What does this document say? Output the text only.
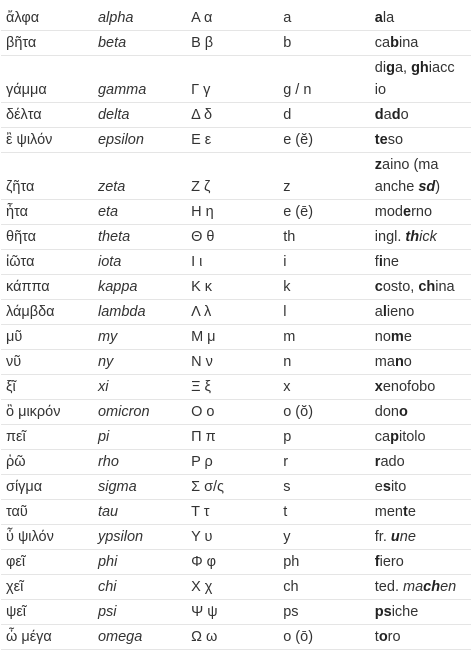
ἄλφα	alpha	Α α	a	ala
βῆτα	beta	Β β	b	cabina
γάμμα	gamma	Γ γ	g / n	diga, ghiacc
io
δέλτα	delta	Δ δ	d	dado
ἒ ψιλόν	epsilon	Ε ε	e (ĕ)	teso
ζῆτα	zeta	Ζ ζ	z	zaino (ma
anche sd)
ἦτα	eta	Η η	e (ē)	moderno
θῆτα	theta	Θ θ	th	ingl. thick
ἰῶτα	iota	Ι ι	i	fine
κάππα	kappa	Κ κ	k	costo, china
λάμβδα	lambda	Λ λ	l	alieno
μῦ	my	Μ μ	m	nome
νῦ	ny	Ν ν	n	mano
ξῖ	xi	Ξ ξ	x	xenofobo
ὂ μικρόν	omicron	Ο ο	o (ŏ)	dono
πεῖ	pi	Π π	p	capitolo
ῥῶ	rho	Ρ ρ	r	rado
σίγμα	sigma	Σ σ/ς	s	esito
ταῦ	tau	Τ τ	t	mente
ὖ ψιλόν	ypsilon	Υ υ	y	fr. une
φεῖ	phi	Φ φ	ph	fiero
χεῖ	chi	Χ χ	ch	ted. machen
ψεῖ	psi	Ψ ψ	ps	psiche
ὦ μέγα	omega	Ω ω	o (ō)	toro
